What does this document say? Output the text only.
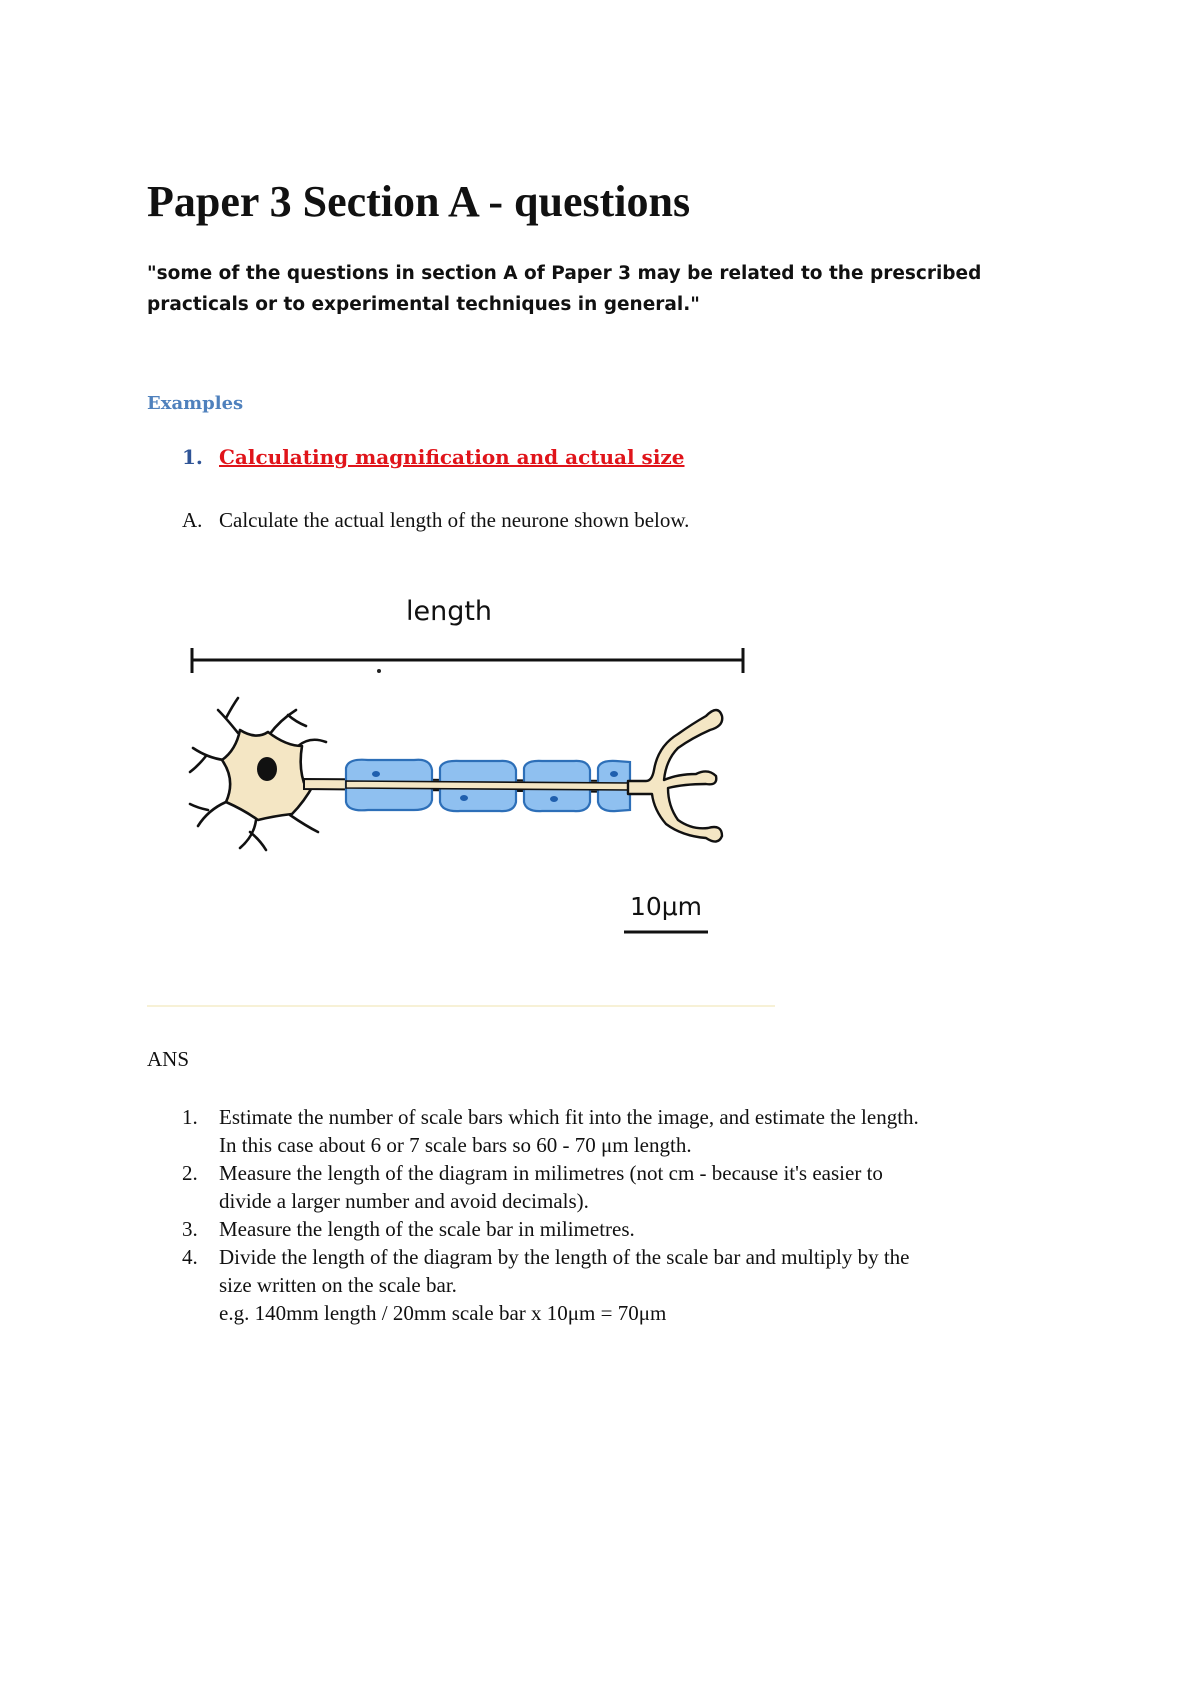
Paper 3 Section A - questions

"some of the questions in section A of Paper 3 may be related to the prescribed practicals or to experimental techniques in general."

Examples

1. Calculating magnification and actual size

A. Calculate the actual length of the neurone shown below.

length
10μm

ANS

1. Estimate the number of scale bars which fit into the image, and estimate the length.
In this case about 6 or 7 scale bars so 60 - 70 μm length.
2. Measure the length of the diagram in milimetres (not cm - because it's easier to
divide a larger number and avoid decimals).
3. Measure the length of the scale bar in milimetres.
4. Divide the length of the diagram by the length of the scale bar and multiply by the
size written on the scale bar.
e.g. 140mm length / 20mm scale bar x 10μm = 70μm
